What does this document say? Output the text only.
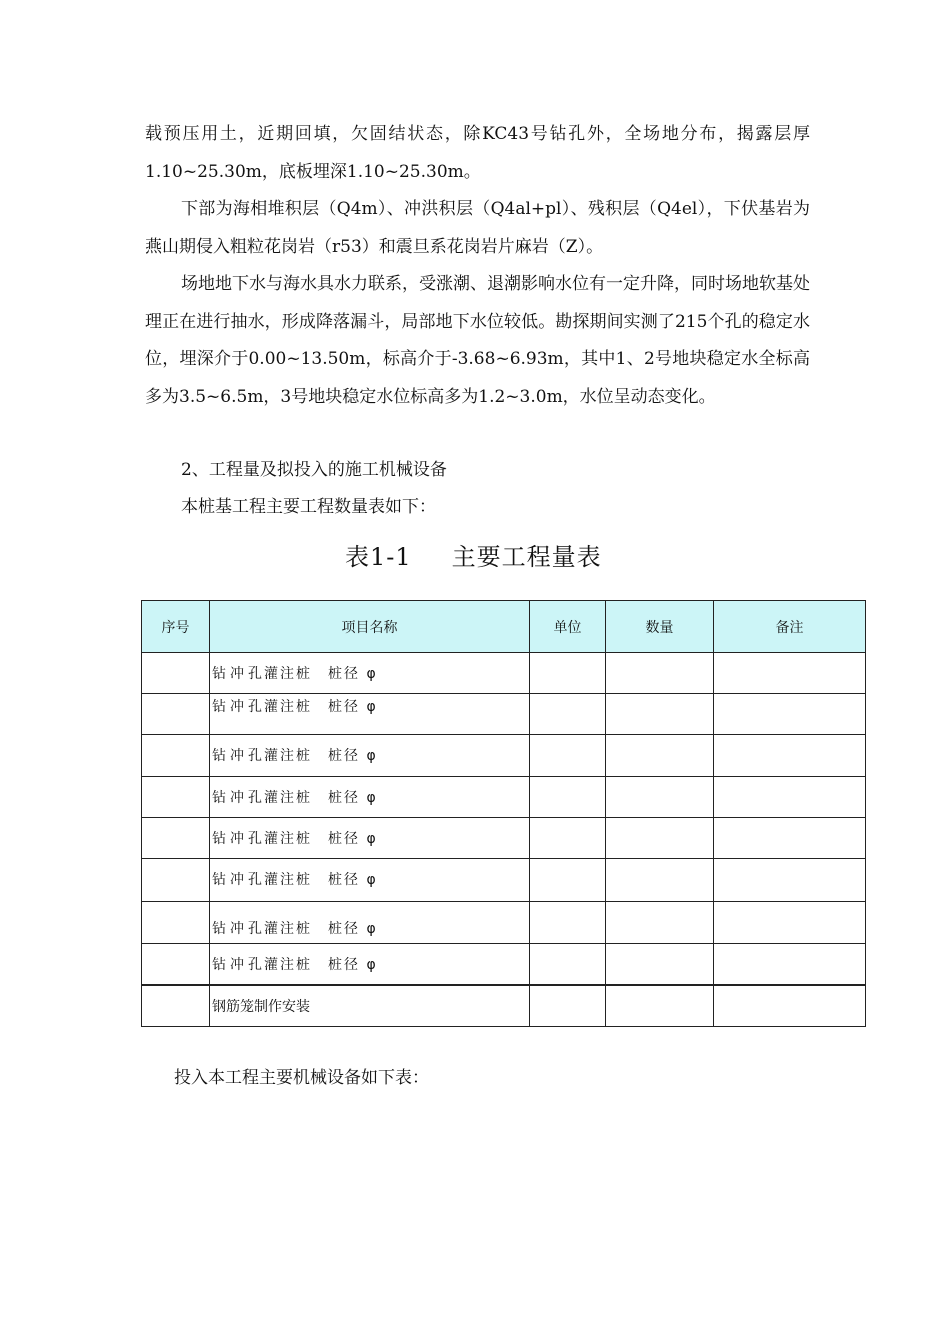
载预压用土，近期回填，欠固结状态，除KC43号钻孔外，全场地分布，揭露层厚1.10~25.30m，底板埋深1.10~25.30m。

下部为海相堆积层（Q4m）、冲洪积层（Q4al+pl）、残积层（Q4el），下伏基岩为燕山期侵入粗粒花岗岩（r53）和震旦系花岗岩片麻岩（Z）。

场地地下水与海水具水力联系，受涨潮、退潮影响水位有一定升降，同时场地软基处理正在进行抽水，形成降落漏斗，局部地下水位较低。勘探期间实测了215个孔的稳定水位，埋深介于0.00~13.50m，标高介于-3.68~6.93m，其中1、2号地块稳定水全标高多为3.5~6.5m，3号地块稳定水位标高多为1.2~3.0m，水位呈动态变化。

2、工程量及拟投入的施工机械设备
本桩基工程主要工程数量表如下：
表1-1 主要工程量表
序号	项目名称	单位	数量	备注
	钻 冲 孔灌注桩 桩径 φ			
	钻 冲 孔灌注桩 桩径 φ			
	钻 冲 孔灌注桩 桩径 φ			
	钻 冲 孔灌注桩 桩径 φ			
	钻 冲 孔灌注桩 桩径 φ			
	钻 冲 孔灌注桩 桩径 φ			
	钻 冲 孔灌注桩 桩径 φ			
	钻 冲 孔灌注桩 桩径 φ			
	钢筋笼制作安装			
投入本工程主要机械设备如下表：
